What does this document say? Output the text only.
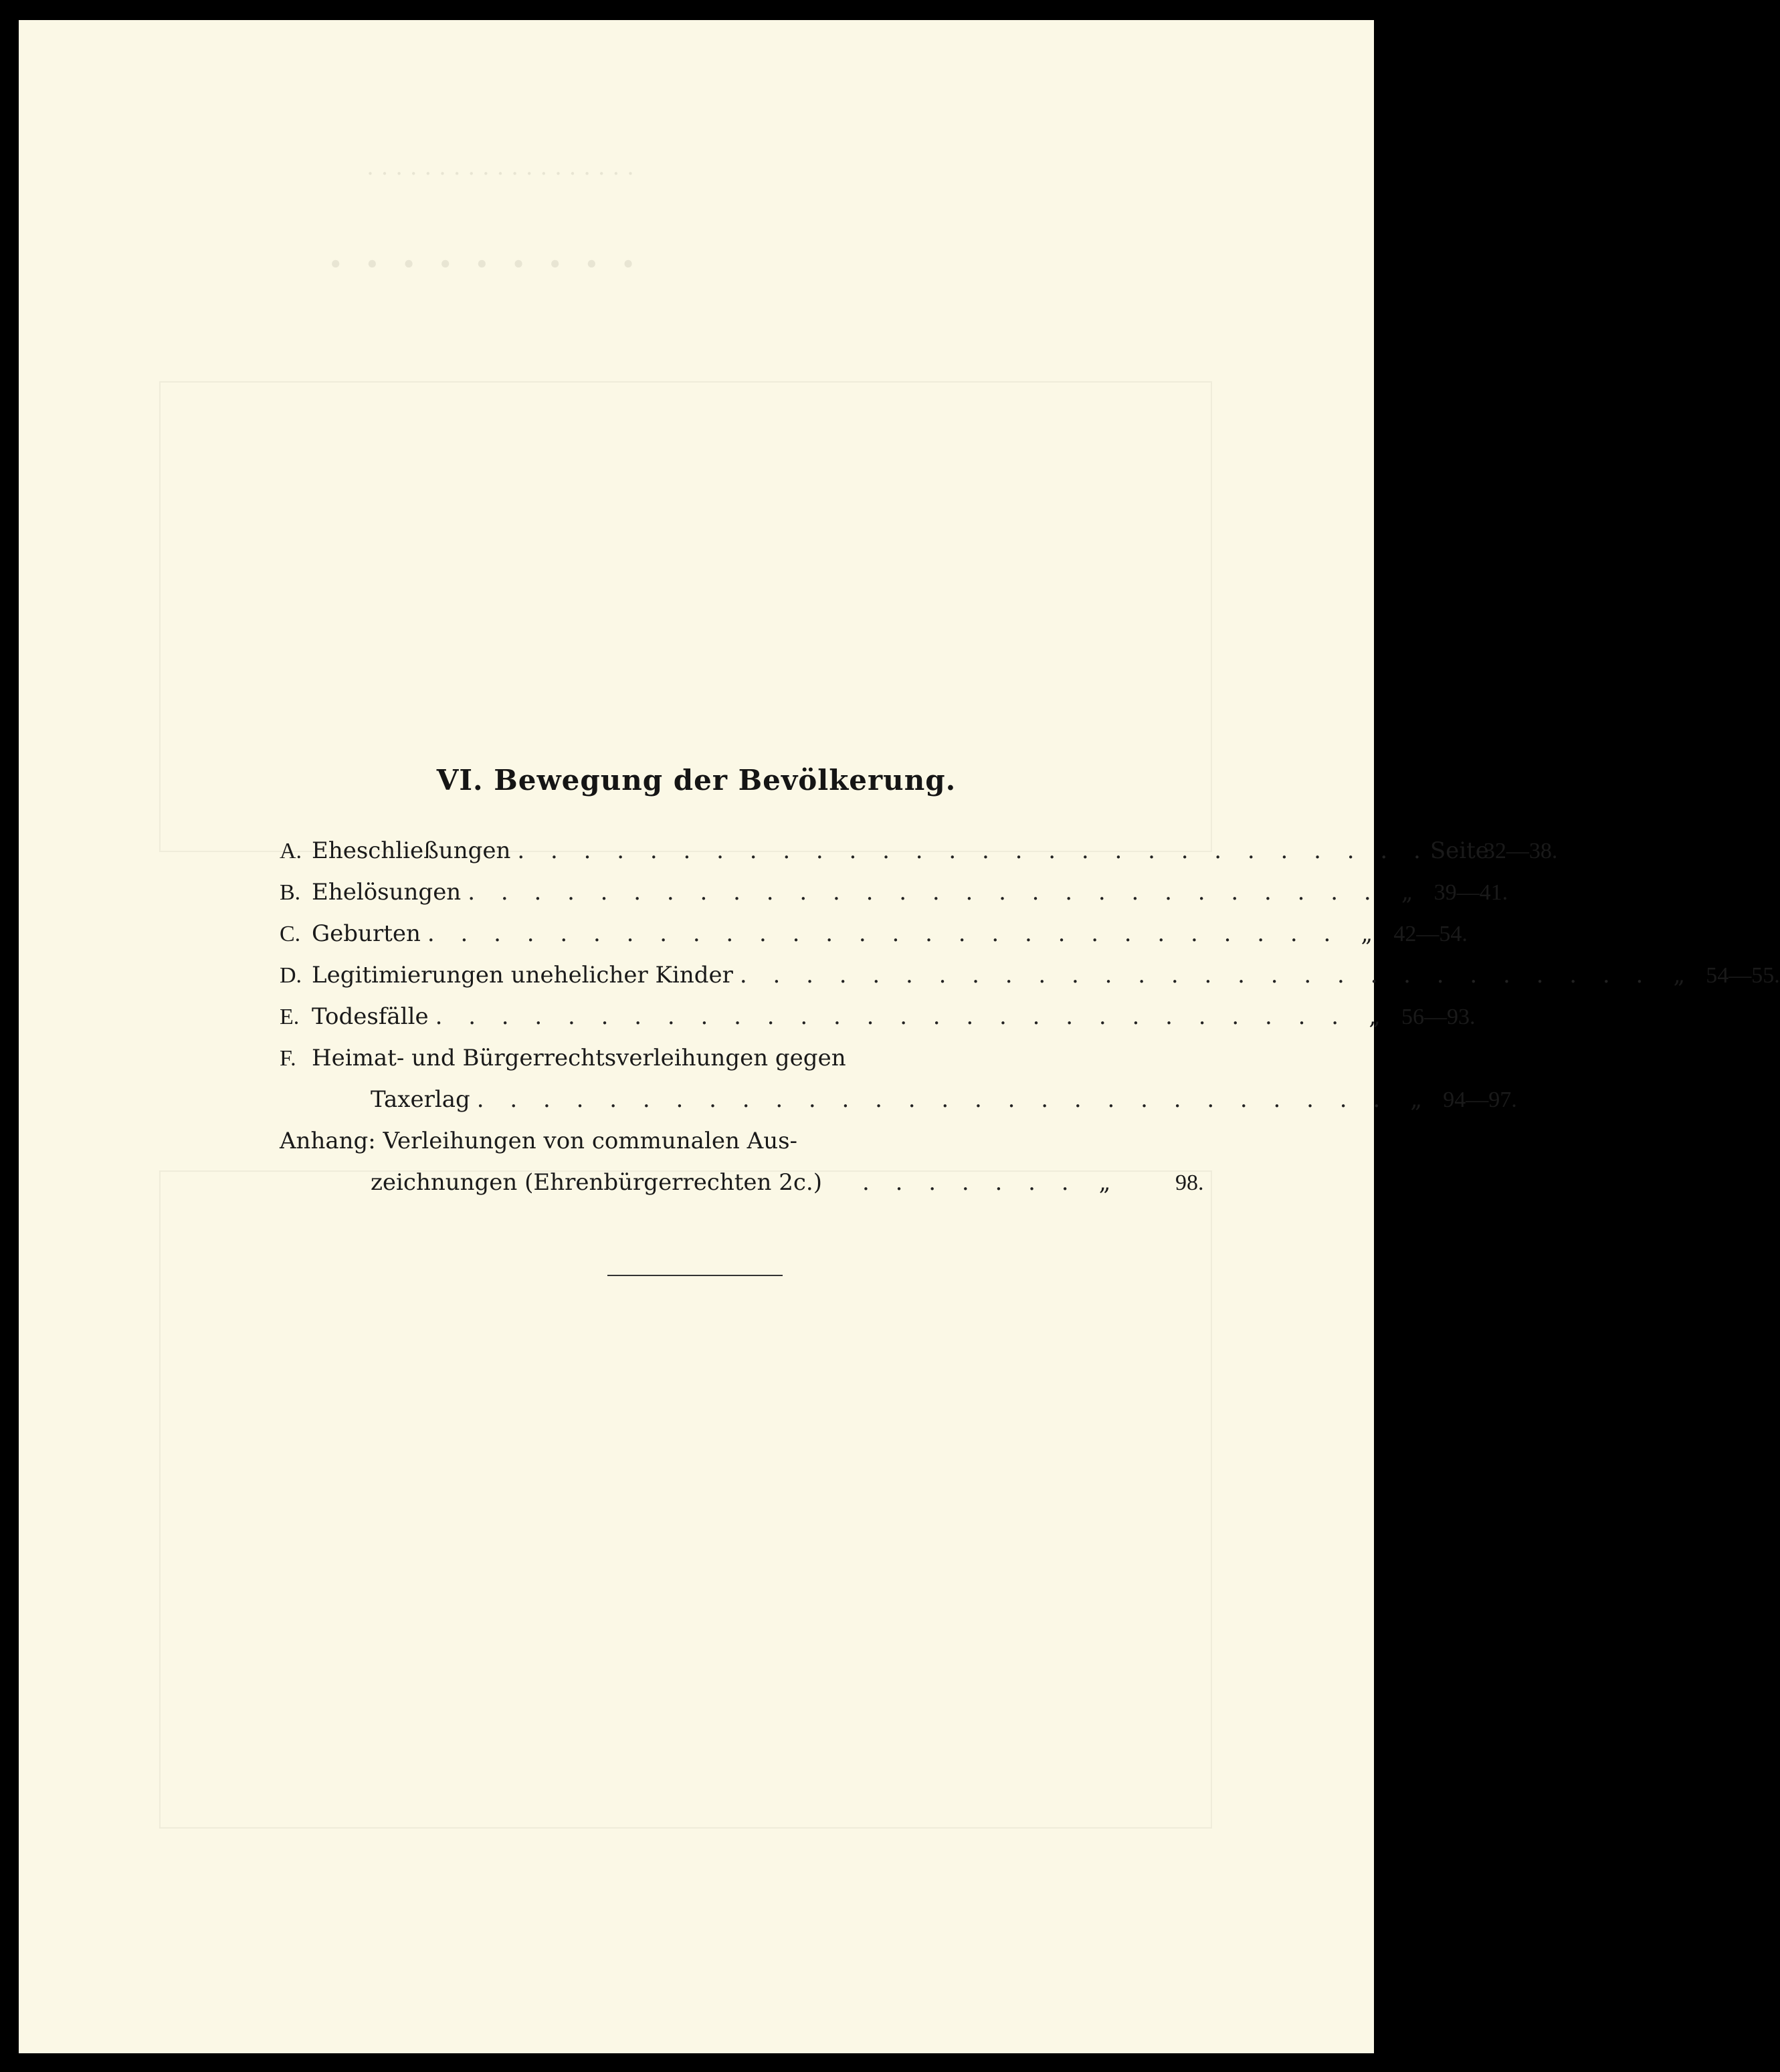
. . . . . . . . . . . . . . . . . . .
. . . . . . . . .
VI. Bewegung der Bevölkerung.
A. Eheschließungen . . . . . . . . . . . . . . . . . . . . . . . . . . . . Seite
32—38.
B. Ehelösungen . . . . . . . . . . . . . . . . . . . . . . . . . . . . „ 39—41.
C. Geburten . . . . . . . . . . . . . . . . . . . . . . . . . . . . „ 42—54.
D. Legitimierungen unehelicher Kinder . . . . . . . . . . . . . . . . . . . . . . . . . . . . „ 54—55.
E. Todesfälle . . . . . . . . . . . . . . . . . . . . . . . . . . . . „ 56—93.
F. Heimat- und Bürgerrechtsverleihungen gegen
Taxerlag . . . . . . . . . . . . . . . . . . . . . . . . . . . . „ 94—97.
Anhang: Verleihungen von communalen Aus-
zeichnungen (Ehrenbürgerrechten 2c.)	. . . . . . . „	98.
